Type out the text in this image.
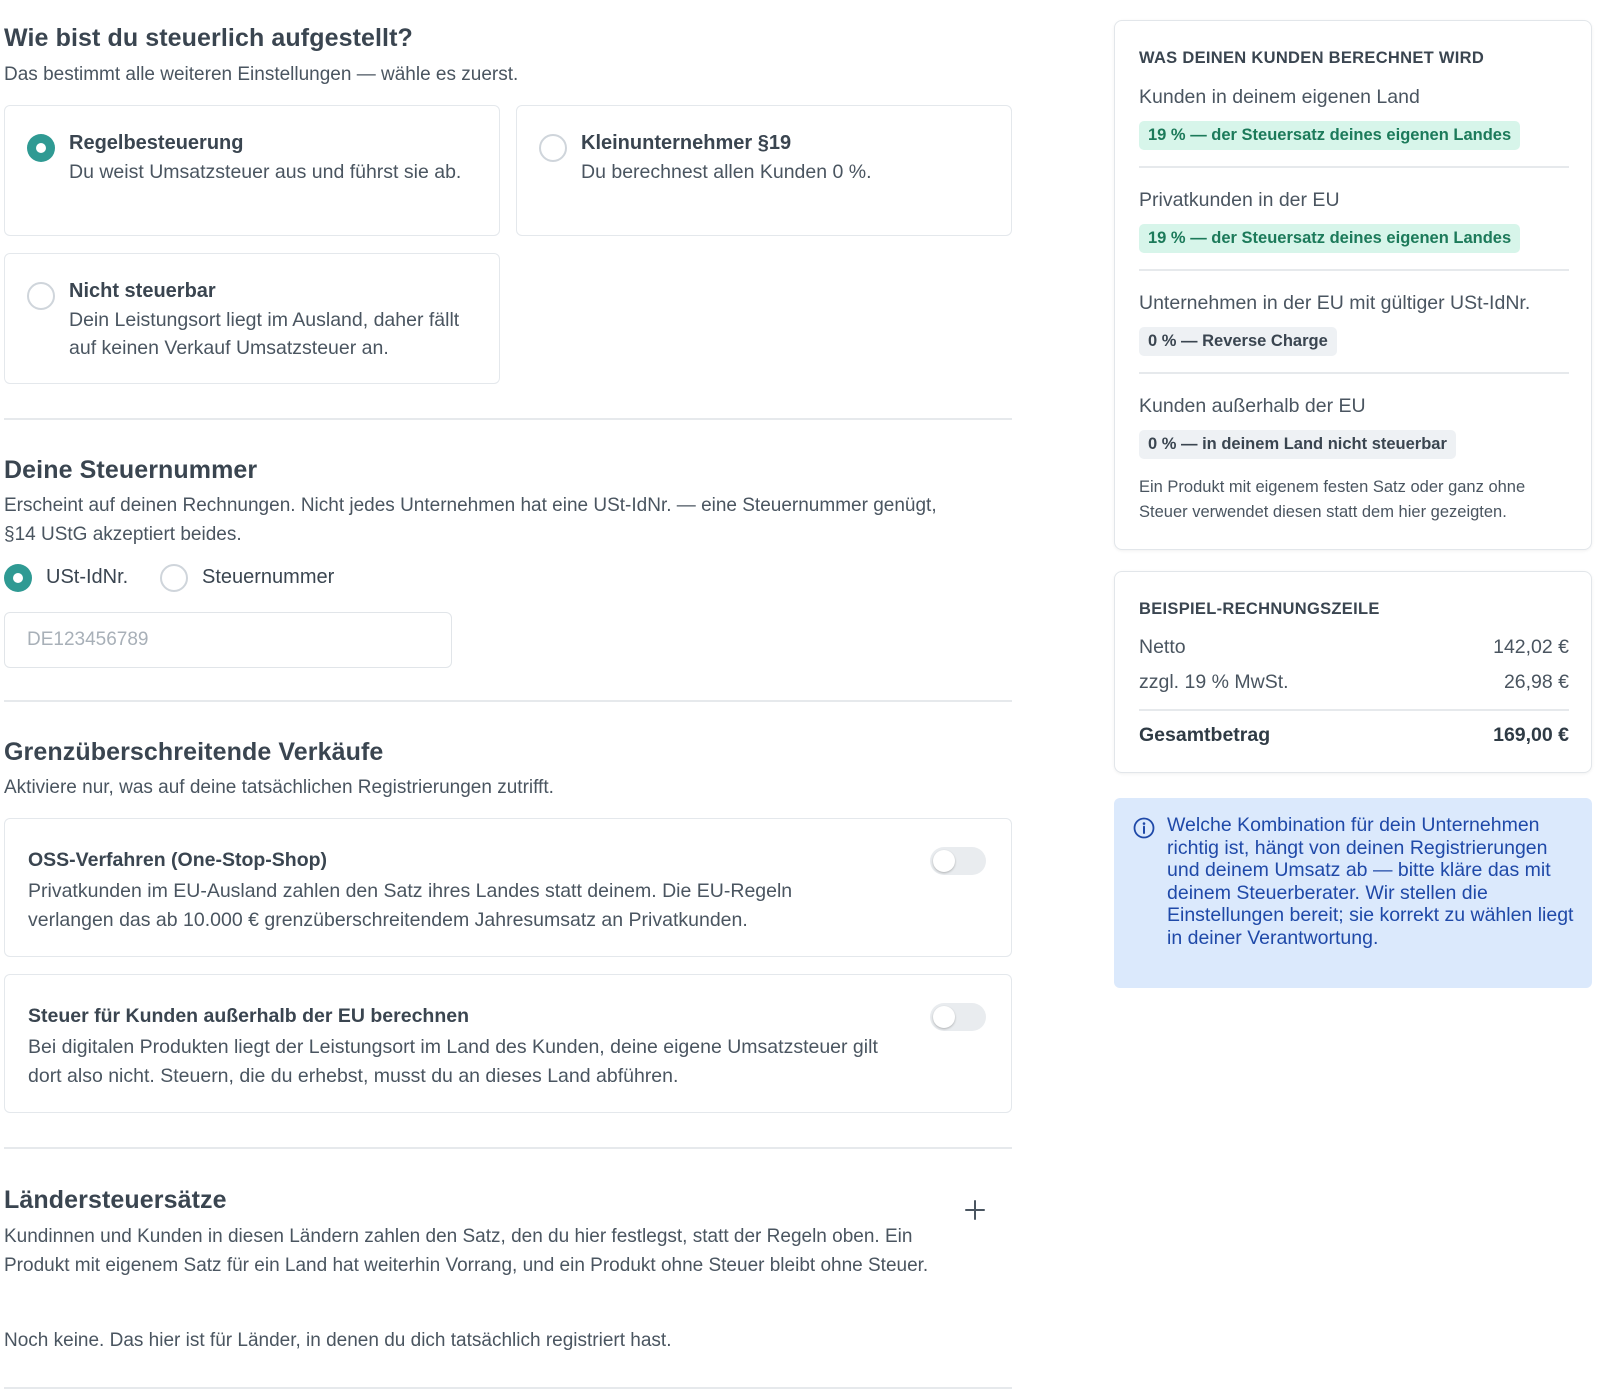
Wie bist du steuerlich aufgestellt?
Das bestimmt alle weiteren Einstellungen — wähle es zuerst.
Regelbesteuerung
Du weist Umsatzsteuer aus und führst sie ab.
Kleinunternehmer §19
Du berechnest allen Kunden 0 %.
Nicht steuerbar
Dein Leistungsort liegt im Ausland, daher fällt auf keinen Verkauf Umsatzsteuer an.
Deine Steuernummer
Erscheint auf deinen Rechnungen. Nicht jedes Unternehmen hat eine USt-IdNr. — eine Steuernummer genügt, §14 UStG akzeptiert beides.
USt-IdNr.	Steuernummer
DE123456789
Grenzüberschreitende Verkäufe
Aktiviere nur, was auf deine tatsächlichen Registrierungen zutrifft.
OSS-Verfahren (One-Stop-Shop)
Privatkunden im EU-Ausland zahlen den Satz ihres Landes statt deinem. Die EU-Regeln verlangen das ab 10.000 € grenzüberschreitendem Jahresumsatz an Privatkunden.
Steuer für Kunden außerhalb der EU berechnen
Bei digitalen Produkten liegt der Leistungsort im Land des Kunden, deine eigene Umsatzsteuer gilt dort also nicht. Steuern, die du erhebst, musst du an dieses Land abführen.
Ländersteuersätze
Kundinnen und Kunden in diesen Ländern zahlen den Satz, den du hier festlegst, statt der Regeln oben. Ein Produkt mit eigenem Satz für ein Land hat weiterhin Vorrang, und ein Produkt ohne Steuer bleibt ohne Steuer.
Noch keine. Das hier ist für Länder, in denen du dich tatsächlich registriert hast.
WAS DEINEN KUNDEN BERECHNET WIRD
Kunden in deinem eigenen Land
19 % — der Steuersatz deines eigenen Landes
Privatkunden in der EU
19 % — der Steuersatz deines eigenen Landes
Unternehmen in der EU mit gültiger USt-IdNr.
0 % — Reverse Charge
Kunden außerhalb der EU
0 % — in deinem Land nicht steuerbar
Ein Produkt mit eigenem festen Satz oder ganz ohne Steuer verwendet diesen statt dem hier gezeigten.
BEISPIEL-RECHNUNGSZEILE
Netto	142,02 €
zzgl. 19 % MwSt.	26,98 €
Gesamtbetrag	169,00 €
Welche Kombination für dein Unternehmen richtig ist, hängt von deinen Registrierungen und deinem Umsatz ab — bitte kläre das mit deinem Steuerberater. Wir stellen die Einstellungen bereit; sie korrekt zu wählen liegt in deiner Verantwortung.
